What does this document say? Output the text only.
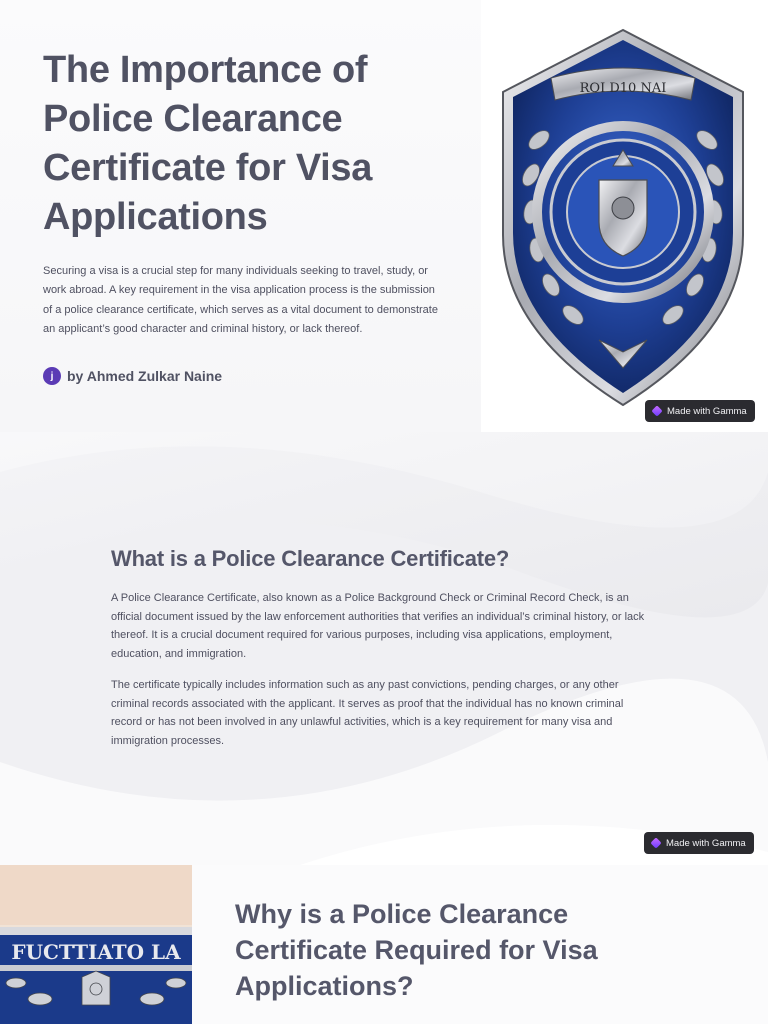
The Importance of Police Clearance Certificate for Visa Applications

Securing a visa is a crucial step for many individuals seeking to travel, study, or work abroad. A key requirement in the visa application process is the submission of a police clearance certificate, which serves as a vital document to demonstrate an applicant’s good character and criminal history, or lack thereof.

j by Ahmed Zulkar Naine
ROI D10 NAI
Made with Gamma
What is a Police Clearance Certificate?

A Police Clearance Certificate, also known as a Police Background Check or Criminal Record Check, is an official document issued by the law enforcement authorities that verifies an individual’s criminal history, or lack thereof. It is a crucial document required for various purposes, including visa applications, employment, education, and immigration.

The certificate typically includes information such as any past convictions, pending charges, or any other criminal records associated with the applicant. It serves as proof that the individual has no known criminal record or has not been involved in any unlawful activities, which is a key requirement for many visa and immigration processes.

Made with Gamma
FUCTTIATO LA
Why is a Police Clearance Certificate Required for Visa Applications?
